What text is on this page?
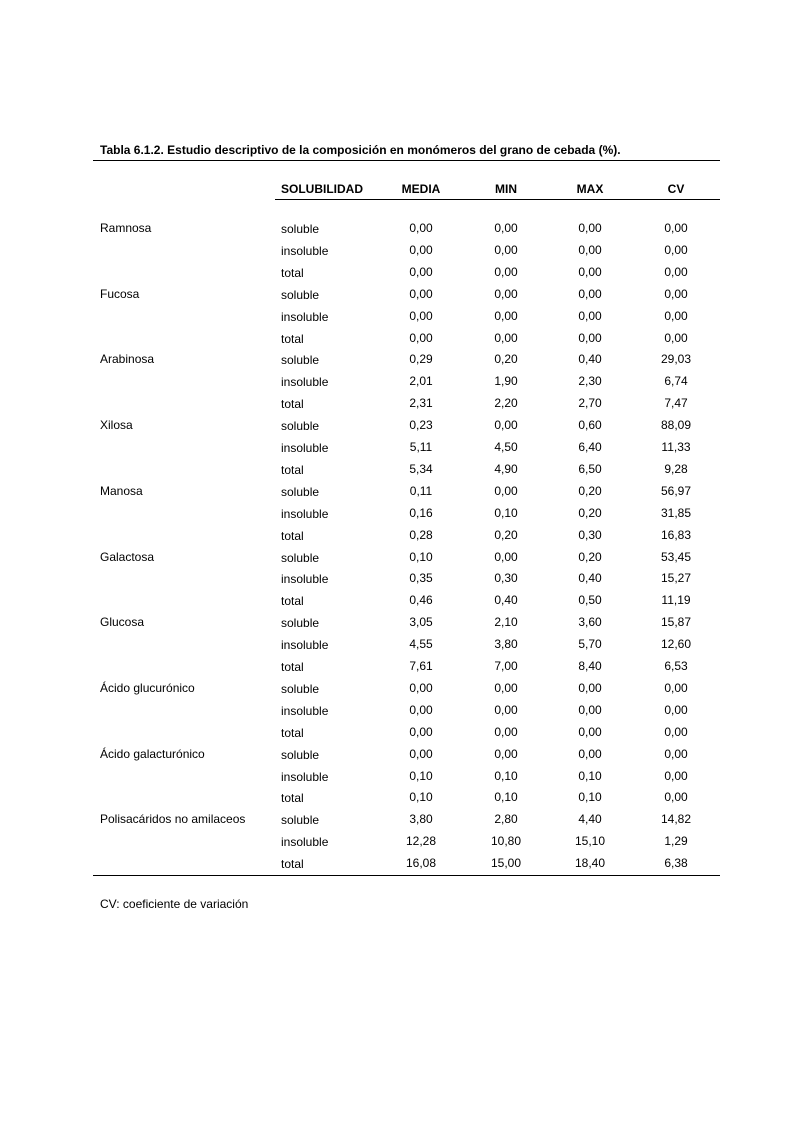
Tabla 6.1.2. Estudio descriptivo de la composición en monómeros del grano de cebada (%).
SOLUBILIDAD	MEDIA	MIN	MAX	CV
Ramnosa	soluble	0,00	0,00	0,00	0,00
insoluble	0,00	0,00	0,00	0,00
total	0,00	0,00	0,00	0,00
Fucosa	soluble	0,00	0,00	0,00	0,00
insoluble	0,00	0,00	0,00	0,00
total	0,00	0,00	0,00	0,00
Arabinosa	soluble	0,29	0,20	0,40	29,03
insoluble	2,01	1,90	2,30	6,74
total	2,31	2,20	2,70	7,47
Xilosa	soluble	0,23	0,00	0,60	88,09
insoluble	5,11	4,50	6,40	11,33
total	5,34	4,90	6,50	9,28
Manosa	soluble	0,11	0,00	0,20	56,97
insoluble	0,16	0,10	0,20	31,85
total	0,28	0,20	0,30	16,83
Galactosa	soluble	0,10	0,00	0,20	53,45
insoluble	0,35	0,30	0,40	15,27
total	0,46	0,40	0,50	11,19
Glucosa	soluble	3,05	2,10	3,60	15,87
insoluble	4,55	3,80	5,70	12,60
total	7,61	7,00	8,40	6,53
Ácido glucurónico	soluble	0,00	0,00	0,00	0,00
insoluble	0,00	0,00	0,00	0,00
total	0,00	0,00	0,00	0,00
Ácido galacturónico	soluble	0,00	0,00	0,00	0,00
insoluble	0,10	0,10	0,10	0,00
total	0,10	0,10	0,10	0,00
Polisacáridos no amilaceos	soluble	3,80	2,80	4,40	14,82
insoluble	12,28	10,80	15,10	1,29
total	16,08	15,00	18,40	6,38
CV: coeficiente de variación
